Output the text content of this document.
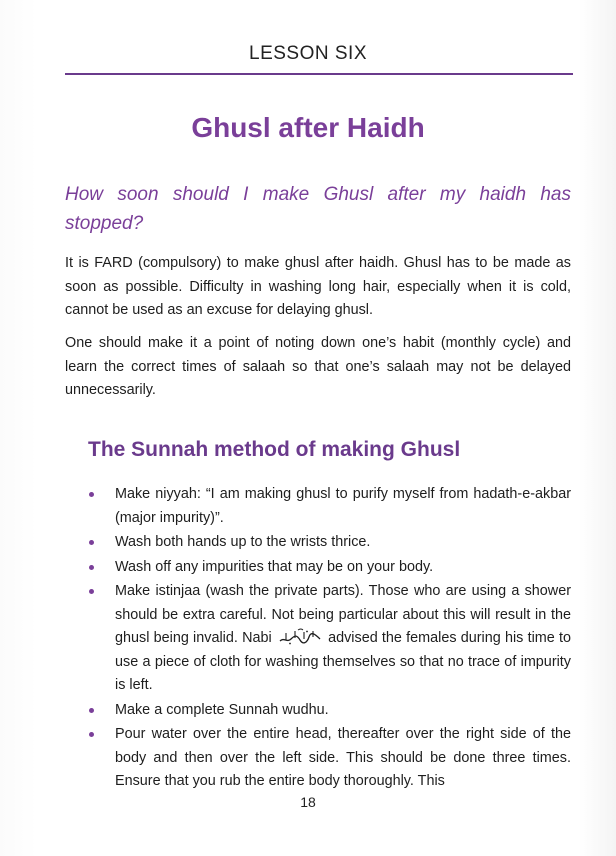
LESSON SIX
Ghusl after Haidh
How soon should I make Ghusl after my haidh has stopped?

It is FARD (compulsory) to make ghusl after haidh. Ghusl has to be made as soon as possible. Difficulty in washing long hair, especially when it is cold, cannot be used as an excuse for delaying ghusl.

One should make it a point of noting down one’s habit (monthly cycle) and learn the correct times of salaah so that one’s salaah may not be delayed unnecessarily.

The Sunnah method of making Ghusl
Make niyyah: “I am making ghusl to purify myself from hadath-e-akbar (major impurity)”.
Wash both hands up to the wrists thrice.
Wash off any impurities that may be on your body.
Make istinjaa (wash the private parts). Those who are using a shower should be extra careful. Not being particular about this will result in the ghusl being invalid. Nabi	advised the females during his time to use a piece of cloth for washing themselves so that no trace of impurity is left.
Make a complete Sunnah wudhu.
Pour water over the entire head, thereafter over the right side of the body and then over the left side. This should be done three times. Ensure that you rub the entire body thoroughly. This
18
